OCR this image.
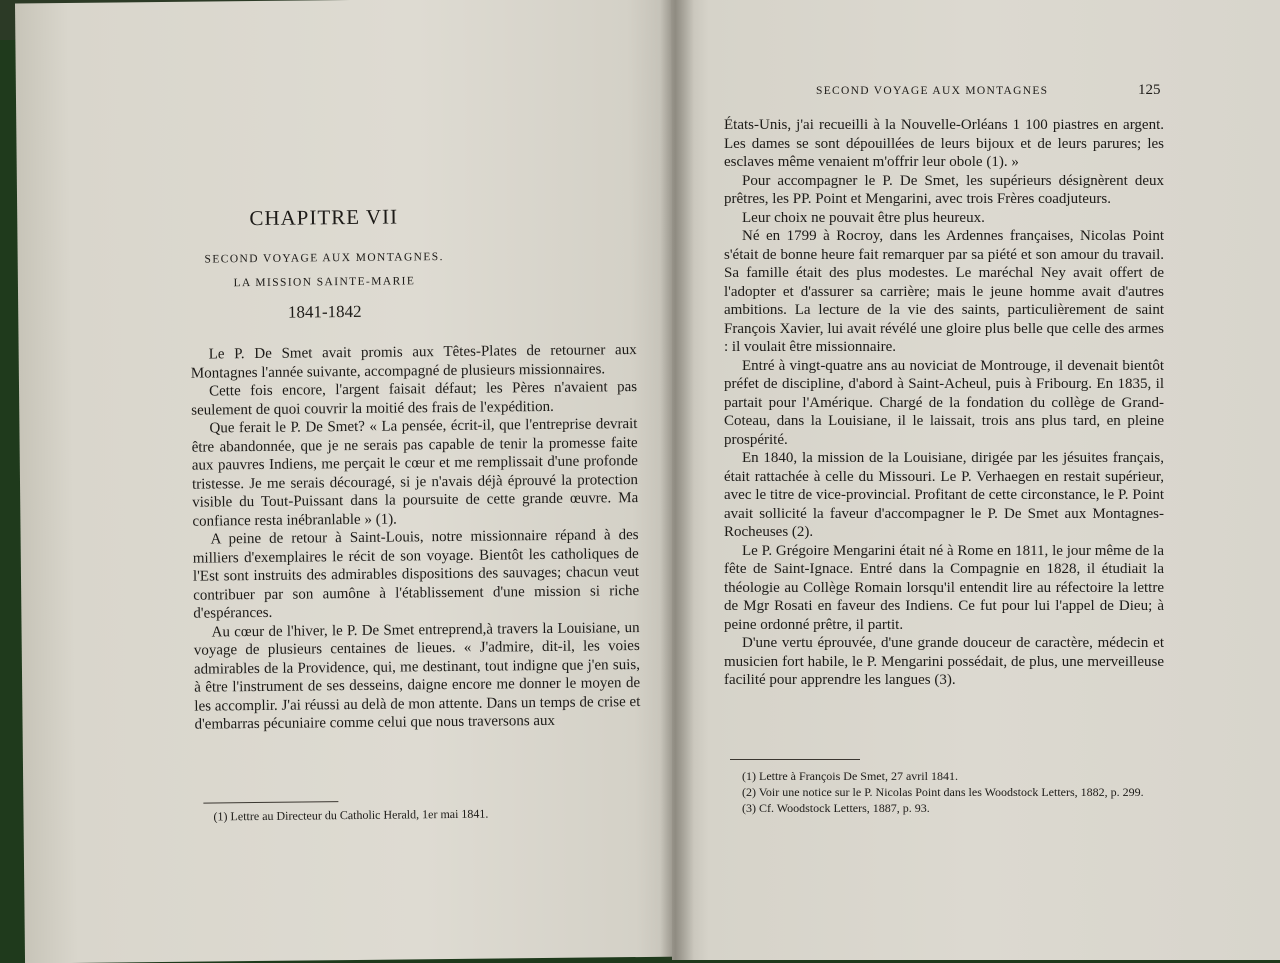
CHAPITRE VII
SECOND VOYAGE AUX MONTAGNES.
LA MISSION SAINTE-MARIE
1841-1842

Le P. De Smet avait promis aux Têtes-Plates de retourner aux Montagnes l'année suivante, accompagné de plusieurs missionnaires.

Cette fois encore, l'argent faisait défaut; les Pères n'avaient pas seulement de quoi couvrir la moitié des frais de l'expédition.

Que ferait le P. De Smet? « La pensée, écrit-il, que l'entreprise devrait être abandonnée, que je ne serais pas capable de tenir la promesse faite aux pauvres Indiens, me perçait le cœur et me remplissait d'une profonde tristesse. Je me serais découragé, si je n'avais déjà éprouvé la protection visible du Tout-Puissant dans la poursuite de cette grande œuvre. Ma confiance resta inébranlable » (1).

A peine de retour à Saint-Louis, notre missionnaire répand à des milliers d'exemplaires le récit de son voyage. Bientôt les catholiques de l'Est sont instruits des admirables dispositions des sauvages; chacun veut contribuer par son aumône à l'établissement d'une mission si riche d'espérances.

Au cœur de l'hiver, le P. De Smet entreprend,à travers la Louisiane, un voyage de plusieurs centaines de lieues. « J'admire, dit-il, les voies admirables de la Providence, qui, me destinant, tout indigne que j'en suis, à être l'instrument de ses desseins, daigne encore me donner le moyen de les accomplir. J'ai réussi au delà de mon attente. Dans un temps de crise et d'embarras pécuniaire comme celui que nous traversons aux

(1) Lettre au Directeur du Catholic Herald, 1er mai 1841.
SECOND VOYAGE AUX MONTAGNES	125

États-Unis, j'ai recueilli à la Nouvelle-Orléans 1 100 piastres en argent. Les dames se sont dépouillées de leurs bijoux et de leurs parures; les esclaves même venaient m'offrir leur obole (1). »

Pour accompagner le P. De Smet, les supérieurs désignèrent deux prêtres, les PP. Point et Mengarini, avec trois Frères coadjuteurs.

Leur choix ne pouvait être plus heureux.

Né en 1799 à Rocroy, dans les Ardennes françaises, Nicolas Point s'était de bonne heure fait remarquer par sa piété et son amour du travail. Sa famille était des plus modestes. Le maréchal Ney avait offert de l'adopter et d'assurer sa carrière; mais le jeune homme avait d'autres ambitions. La lecture de la vie des saints, particulièrement de saint François Xavier, lui avait révélé une gloire plus belle que celle des armes : il voulait être missionnaire.

Entré à vingt-quatre ans au noviciat de Montrouge, il devenait bientôt préfet de discipline, d'abord à Saint-Acheul, puis à Fribourg. En 1835, il partait pour l'Amérique. Chargé de la fondation du collège de Grand-Coteau, dans la Louisiane, il le laissait, trois ans plus tard, en pleine prospérité.

En 1840, la mission de la Louisiane, dirigée par les jésuites français, était rattachée à celle du Missouri. Le P. Verhaegen en restait supérieur, avec le titre de vice-provincial. Profitant de cette circonstance, le P. Point avait sollicité la faveur d'accompagner le P. De Smet aux Montagnes-Rocheuses (2).

Le P. Grégoire Mengarini était né à Rome en 1811, le jour même de la fête de Saint-Ignace. Entré dans la Compagnie en 1828, il étudiait la théologie au Collège Romain lorsqu'il entendit lire au réfectoire la lettre de Mgr Rosati en faveur des Indiens. Ce fut pour lui l'appel de Dieu; à peine ordonné prêtre, il partit.

D'une vertu éprouvée, d'une grande douceur de caractère, médecin et musicien fort habile, le P. Mengarini possédait, de plus, une merveilleuse facilité pour apprendre les langues (3).

(1) Lettre à François De Smet, 27 avril 1841.
(2) Voir une notice sur le P. Nicolas Point dans les Woodstock Letters, 1882, p. 299.
(3) Cf. Woodstock Letters, 1887, p. 93.
